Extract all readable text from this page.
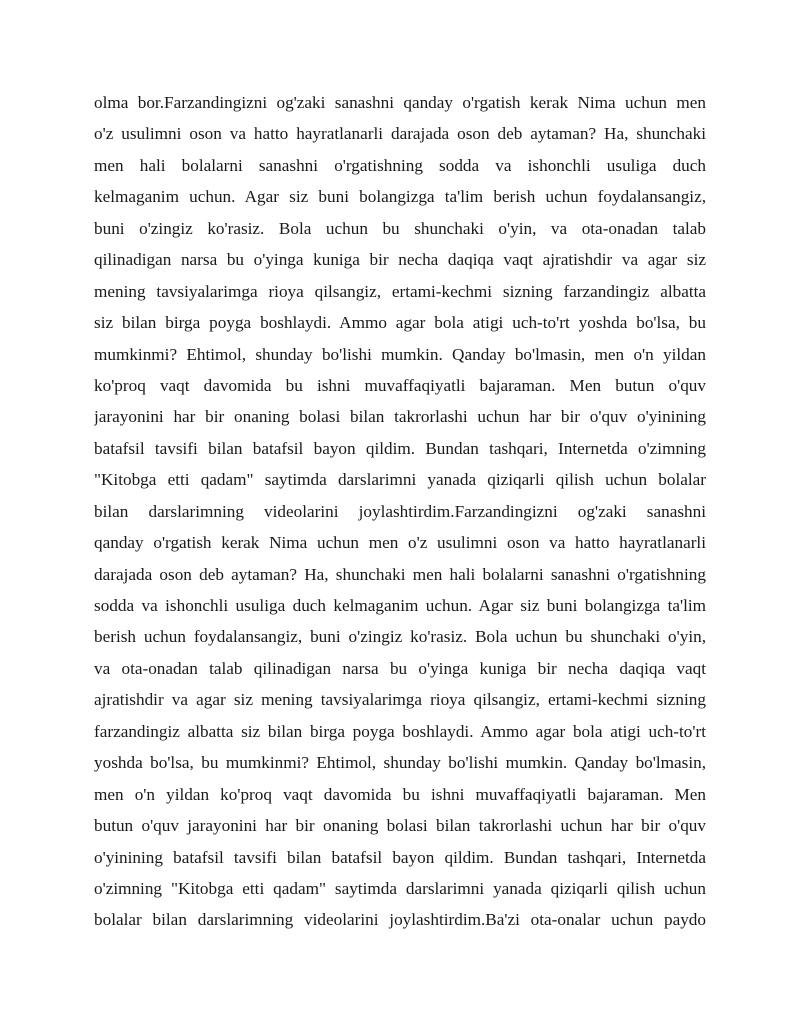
olma bor.Farzandingizni og'zaki sanashni qanday o'rgatish kerak Nima uchun men
o'z usulimni oson va hatto hayratlanarli darajada oson deb aytaman? Ha, shunchaki
men hali bolalarni sanashni o'rgatishning sodda va ishonchli usuliga duch
kelmaganim uchun. Agar siz buni bolangizga ta'lim berish uchun foydalansangiz,
buni o'zingiz ko'rasiz. Bola uchun bu shunchaki o'yin, va ota-onadan talab
qilinadigan narsa bu o'yinga kuniga bir necha daqiqa vaqt ajratishdir va agar siz
mening tavsiyalarimga rioya qilsangiz, ertami-kechmi sizning farzandingiz albatta
siz bilan birga poyga boshlaydi. Ammo agar bola atigi uch-to'rt yoshda bo'lsa, bu
mumkinmi? Ehtimol, shunday bo'lishi mumkin. Qanday bo'lmasin, men o'n yildan
ko'proq vaqt davomida bu ishni muvaffaqiyatli bajaraman. Men butun o'quv
jarayonini har bir onaning bolasi bilan takrorlashi uchun har bir o'quv o'yinining
batafsil tavsifi bilan batafsil bayon qildim. Bundan tashqari, Internetda o'zimning
"Kitobga etti qadam" saytimda darslarimni yanada qiziqarli qilish uchun bolalar
bilan darslarimning videolarini joylashtirdim.Farzandingizni og'zaki sanashni
qanday o'rgatish kerak Nima uchun men o'z usulimni oson va hatto hayratlanarli
darajada oson deb aytaman? Ha, shunchaki men hali bolalarni sanashni o'rgatishning
sodda va ishonchli usuliga duch kelmaganim uchun. Agar siz buni bolangizga ta'lim
berish uchun foydalansangiz, buni o'zingiz ko'rasiz. Bola uchun bu shunchaki o'yin,
va ota-onadan talab qilinadigan narsa bu o'yinga kuniga bir necha daqiqa vaqt
ajratishdir va agar siz mening tavsiyalarimga rioya qilsangiz, ertami-kechmi sizning
farzandingiz albatta siz bilan birga poyga boshlaydi. Ammo agar bola atigi uch-to'rt
yoshda bo'lsa, bu mumkinmi? Ehtimol, shunday bo'lishi mumkin. Qanday bo'lmasin,
men o'n yildan ko'proq vaqt davomida bu ishni muvaffaqiyatli bajaraman. Men
butun o'quv jarayonini har bir onaning bolasi bilan takrorlashi uchun har bir o'quv
o'yinining batafsil tavsifi bilan batafsil bayon qildim. Bundan tashqari, Internetda
o'zimning "Kitobga etti qadam" saytimda darslarimni yanada qiziqarli qilish uchun
bolalar bilan darslarimning videolarini joylashtirdim.Ba'zi ota-onalar uchun paydo
